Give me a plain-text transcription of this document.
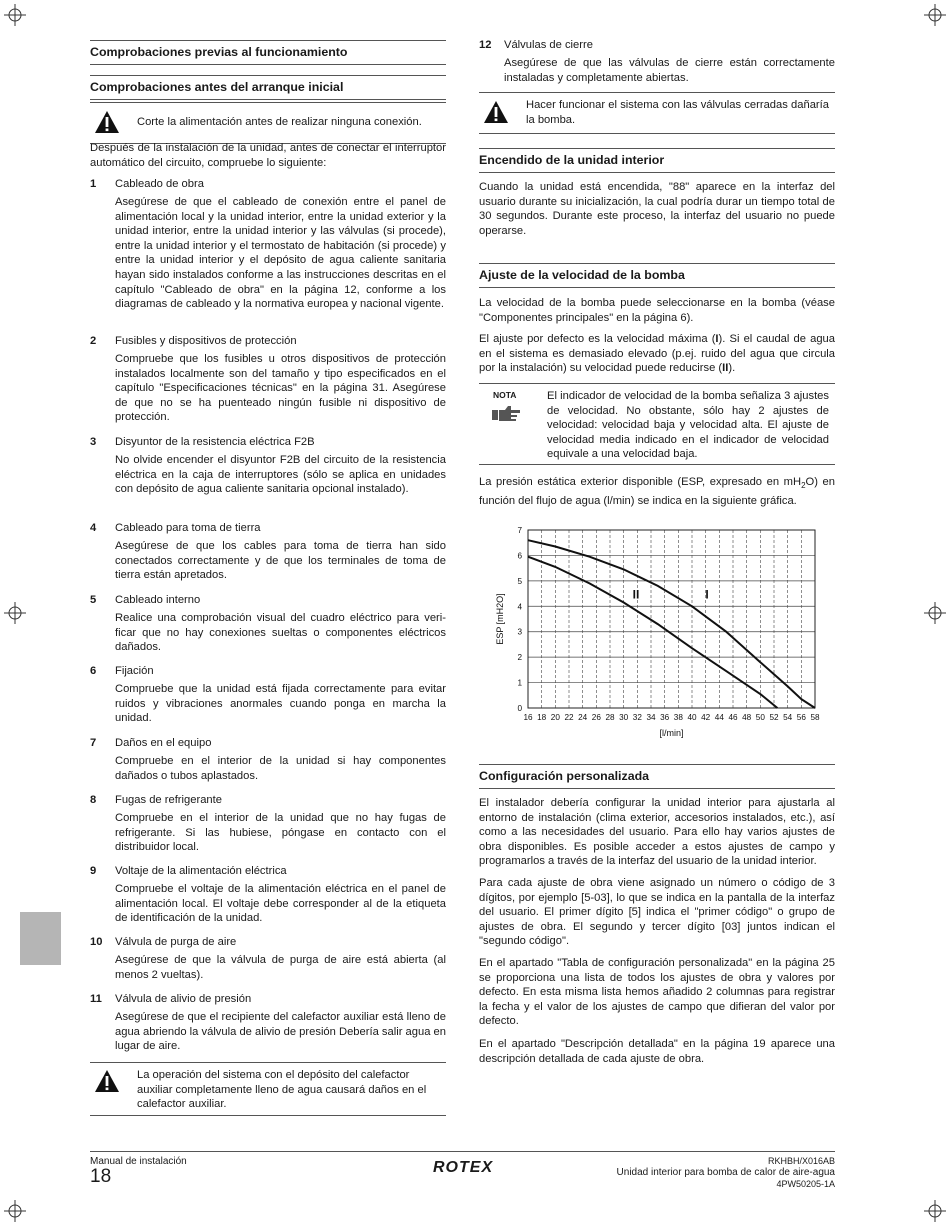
Comprobaciones previas al funcionamiento
Comprobaciones antes del arranque inicial
Corte la alimentación antes de realizar ninguna conexión.
Después de la instalación de la unidad, antes de conectar el interruptor automático del circuito, compruebe lo siguiente:
1 Cableado de obra
Asegúrese de que el cableado de conexión entre el panel de alimentación local y la unidad interior, entre la unidad exterior y la unidad interior, entre la unidad interior y las válvulas (si procede), entre la unidad interior y el termostato de habitación (si procede) y entre la unidad interior y el depósito de agua caliente sanitaria hayan sido instalados conforme a las instrucciones descritas en el capítulo "Cableado de obra" en la página 12, conforme a los diagramas de cableado y la normativa europea y nacional vigente.
2 Fusibles y dispositivos de protección
Compruebe que los fusibles u otros dispositivos de protección instalados localmente son del tamaño y tipo especificados en el capítulo "Especificaciones técnicas" en la página 31. Asegúrese de que no se ha puenteado ningún fusible ni dispositivo de protección.
3 Disyuntor de la resistencia eléctrica F2B
No olvide encender el disyuntor F2B del circuito de la resistencia eléctrica en la caja de interruptores (sólo se aplica en unidades con depósito de agua caliente sanitaria opcional instalado).
4 Cableado para toma de tierra
Asegúrese de que los cables para toma de tierra han sido conectados correctamente y de que los terminales de toma de tierra están apretados.
5 Cableado interno
Realice una comprobación visual del cuadro eléctrico para veri-ficar que no hay conexiones sueltas o componentes eléctricos dañados.
6 Fijación
Compruebe que la unidad está fijada correctamente para evitar ruidos y vibraciones anormales cuando ponga en marcha la unidad.
7 Daños en el equipo
Compruebe en el interior de la unidad si hay componentes dañados o tubos aplastados.
8 Fugas de refrigerante
Compruebe en el interior de la unidad que no hay fugas de refrigerante. Si las hubiese, póngase en contacto con el distribuidor local.
9 Voltaje de la alimentación eléctrica
Compruebe el voltaje de la alimentación eléctrica en el panel de alimentación local. El voltaje debe corresponder al de la etiqueta de identificación de la unidad.
10 Válvula de purga de aire
Asegúrese de que la válvula de purga de aire está abierta (al menos 2 vueltas).
11 Válvula de alivio de presión
Asegúrese de que el recipiente del calefactor auxiliar está lleno de agua abriendo la válvula de alivio de presión Debería salir agua en lugar de aire.
La operación del sistema con el depósito del calefactor auxiliar completamente lleno de agua causará daños en el calefactor auxiliar.
12 Válvulas de cierre
Asegúrese de que las válvulas de cierre están correctamente instaladas y completamente abiertas.
Hacer funcionar el sistema con las válvulas cerradas dañaría la bomba.
Encendido de la unidad interior
Cuando la unidad está encendida, "88" aparece en la interfaz del usuario durante su inicialización, la cual podría durar un tiempo total de 30 segundos. Durante este proceso, la interfaz del usuario no puede operarse.
Ajuste de la velocidad de la bomba
La velocidad de la bomba puede seleccionarse en la bomba (véase "Componentes principales" en la página 6).
El ajuste por defecto es la velocidad máxima (I). Si el caudal de agua en el sistema es demasiado elevado (p.ej. ruido del agua que circula por la instalación) su velocidad puede reducirse (II).
NOTA	El indicador de velocidad de la bomba señaliza 3 ajustes de velocidad. No obstante, sólo hay 2 ajustes de velocidad: velocidad baja y velocidad alta. El ajuste de velocidad media indicado en el indicador de velocidad equivale a una velocidad baja.
La presión estática exterior disponible (ESP, expresado en $mH_2O$) en función del flujo de agua (l/min) se indica en la siguiente gráfica.
16 18 20 22 24 26 28 30 32 34 36 38 40 42 44 46 48 50 52 54 56 58
0
1
2
3
4
5
6
7
I
II
[l/min]
ESP [mH2O]
Configuración personalizada
El instalador debería configurar la unidad interior para ajustarla al entorno de instalación (clima exterior, accesorios instalados, etc.), así como a las necesidades del usuario. Para ello hay varios ajustes de obra disponibles. Es posible acceder a estos ajustes de campo y programarlos a través de la interfaz del usuario de la unidad interior.
Para cada ajuste de obra viene asignado un número o código de 3 dígitos, por ejemplo [5-03], lo que se indica en la pantalla de la interfaz del usuario. El primer dígito [5] indica el "primer código" o grupo de ajustes de obra. El segundo y tercer dígito [03] juntos indican el "segundo código".
En el apartado "Tabla de configuración personalizada" en la página 25 se proporciona una lista de todos los ajustes de obra y valores por defecto. En esta misma lista hemos añadido 2 columnas para registrar la fecha y el valor de los ajustes de campo que difieran del valor por defecto.
En el apartado "Descripción detallada" en la página 19 aparece una descripción detallada de cada ajuste de obra.
Manual de instalación
18	ROTEX	RKHBH/X016AB
Unidad interior para bomba de calor de aire-agua
4PW50205-1A
